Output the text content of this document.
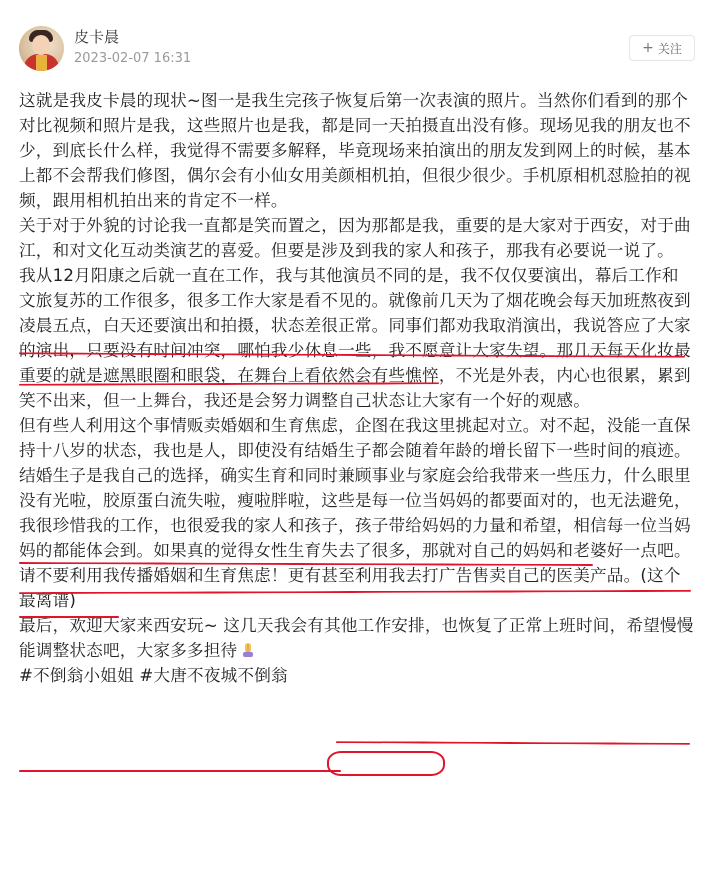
皮卡晨
2023-02-07 16:31
+ 关注

这就是我皮卡晨的现状~图一是我生完孩子恢复后第一次表演的照片。当然你们看到的那个对比视频和照片是我，这些照片也是我，都是同一天拍摄直出没有修。现场见我的朋友也不少，到底长什么样，我觉得不需要多解释，毕竟现场来拍演出的朋友发到网上的时候，基本上都不会帮我们修图，偶尔会有小仙女用美颜相机拍，但很少很少。手机原相机怼脸拍的视频，跟用相机拍出来的肯定不一样。

关于对于外貌的讨论我一直都是笑而置之，因为那都是我，重要的是大家对于西安，对于曲江，和对文化互动类演艺的喜爱。但要是涉及到我的家人和孩子，那我有必要说一说了。

我从12月阳康之后就一直在工作，我与其他演员不同的是，我不仅仅要演出，幕后工作和文旅复苏的工作很多，很多工作大家是看不见的。就像前几天为了烟花晚会每天加班熬夜到凌晨五点，白天还要演出和拍摄，状态差很正常。同事们都劝我取消演出，我说答应了大家的演出，只要没有时间冲突，哪怕我少休息一些，我不愿意让大家失望。那几天每天化妆最重要的就是遮黑眼圈和眼袋，在舞台上看依然会有些憔悴，不光是外表，内心也很累，累到笑不出来，但一上舞台，我还是会努力调整自己状态让大家有一个好的观感。

但有些人利用这个事情贩卖婚姻和生育焦虑，企图在我这里挑起对立。对不起，没能一直保持十八岁的状态，我也是人，即使没有结婚生子都会随着年龄的增长留下一些时间的痕迹。结婚生子是我自己的选择，确实生育和同时兼顾事业与家庭会给我带来一些压力，什么眼里没有光啦，胶原蛋白流失啦，瘦啦胖啦，这些是每一位当妈妈的都要面对的，也无法避免，我很珍惜我的工作，也很爱我的家人和孩子，孩子带给妈妈的力量和希望，相信每一位当妈妈的都能体会到。如果真的觉得女性生育失去了很多，那就对自己的妈妈和老婆好一点吧。请不要利用我传播婚姻和生育焦虑！更有甚至利用我去打广告售卖自己的医美产品。(这个最离谱)

最后，欢迎大家来西安玩~ 这几天我会有其他工作安排，也恢复了正常上班时间，希望慢慢能调整状态吧，大家多多担待

#不倒翁小姐姐 #大唐不夜城不倒翁
